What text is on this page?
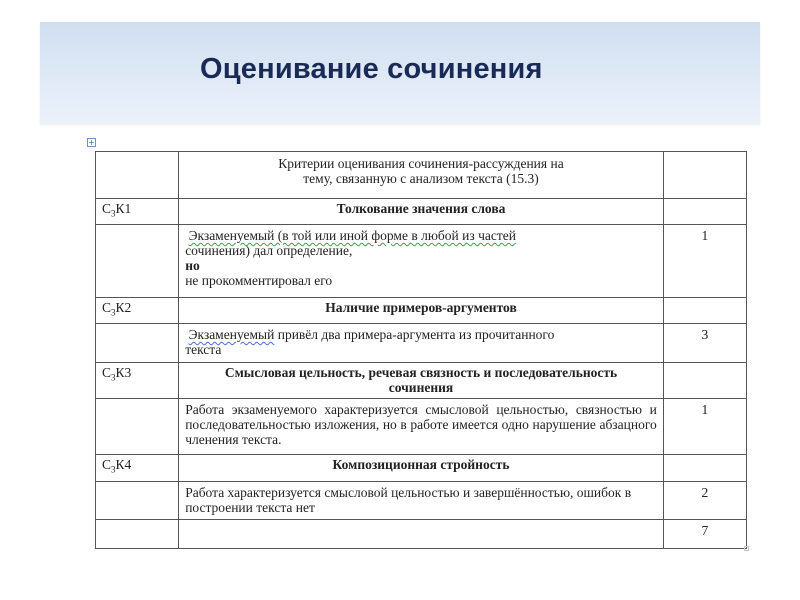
Оценивание сочинения
+
	Критерии оценивания сочинения-рассуждения на
тему, связанную с анализом текста (15.3)	
$С_3К1$	Толкование значения слова	
	Экзаменуемый (в той или иной форме в любой из частей
сочинения) дал определение,
но
не прокомментировал его	1
$С_3К2$	Наличие примеров-аргументов	
	Экзаменуемый привёл два примера-аргумента из прочитанного
текста	3
$С_3К3$	Смысловая цельность, речевая связность и последовательность
сочинения	
	Работа экзаменуемого характеризуется смысловой цельностью, связностью и последовательностью изложения, но в работе имеется одно нарушение абзацного членения текста.	1
$С_3К4$	Композиционная стройность	
	Работа характеризуется смысловой цельностью и завершённостью, ошибок в построении текста нет	2
		7
